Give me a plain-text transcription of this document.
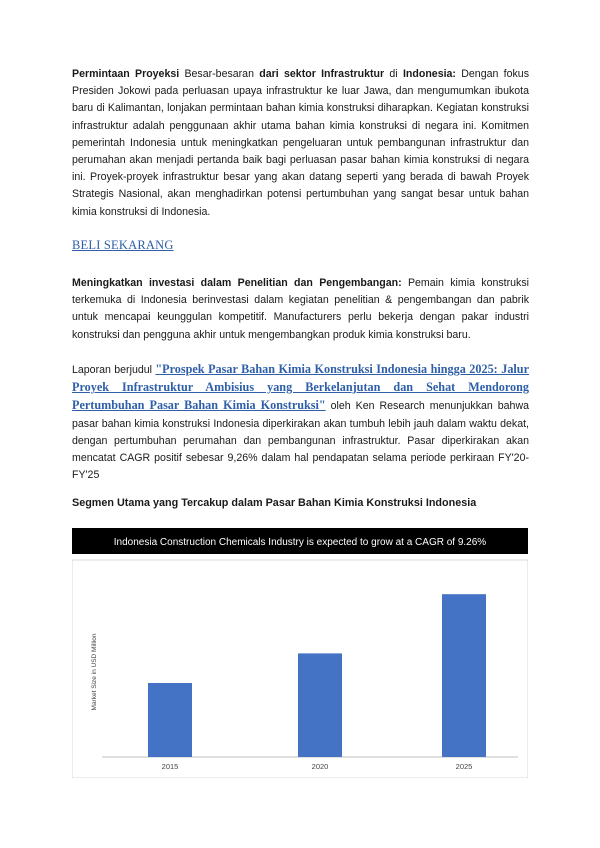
Permintaan Proyeksi Besar-besaran dari sektor Infrastruktur di Indonesia: Dengan fokus Presiden Jokowi pada perluasan upaya infrastruktur ke luar Jawa, dan mengumumkan ibukota baru di Kalimantan, lonjakan permintaan bahan kimia konstruksi diharapkan. Kegiatan konstruksi infrastruktur adalah penggunaan akhir utama bahan kimia konstruksi di negara ini. Komitmen pemerintah Indonesia untuk meningkatkan pengeluaran untuk pembangunan infrastruktur dan perumahan akan menjadi pertanda baik bagi perluasan pasar bahan kimia konstruksi di negara ini. Proyek-proyek infrastruktur besar yang akan datang seperti yang berada di bawah Proyek Strategis Nasional, akan menghadirkan potensi pertumbuhan yang sangat besar untuk bahan kimia konstruksi di Indonesia.

BELI SEKARANG

Meningkatkan investasi dalam Penelitian dan Pengembangan: Pemain kimia konstruksi terkemuka di Indonesia berinvestasi dalam kegiatan penelitian & pengembangan dan pabrik untuk mencapai keunggulan kompetitif. Manufacturers perlu bekerja dengan pakar industri konstruksi dan pengguna akhir untuk mengembangkan produk kimia konstruksi baru.

Laporan berjudul "Prospek Pasar Bahan Kimia Konstruksi Indonesia hingga 2025: Jalur Proyek Infrastruktur Ambisius yang Berkelanjutan dan Sehat Mendorong Pertumbuhan Pasar Bahan Kimia Konstruksi" oleh Ken Research menunjukkan bahwa pasar bahan kimia konstruksi Indonesia diperkirakan akan tumbuh lebih jauh dalam waktu dekat, dengan pertumbuhan perumahan dan pembangunan infrastruktur. Pasar diperkirakan akan mencatat CAGR positif sebesar 9,26% dalam hal pendapatan selama periode perkiraan FY'20-FY'25

Segmen Utama yang Tercakup dalam Pasar Bahan Kimia Konstruksi Indonesia

Indonesia Construction Chemicals Industry is expected to grow at a CAGR of 9.26%
Market Size in USD Million
2015	2020	2025
